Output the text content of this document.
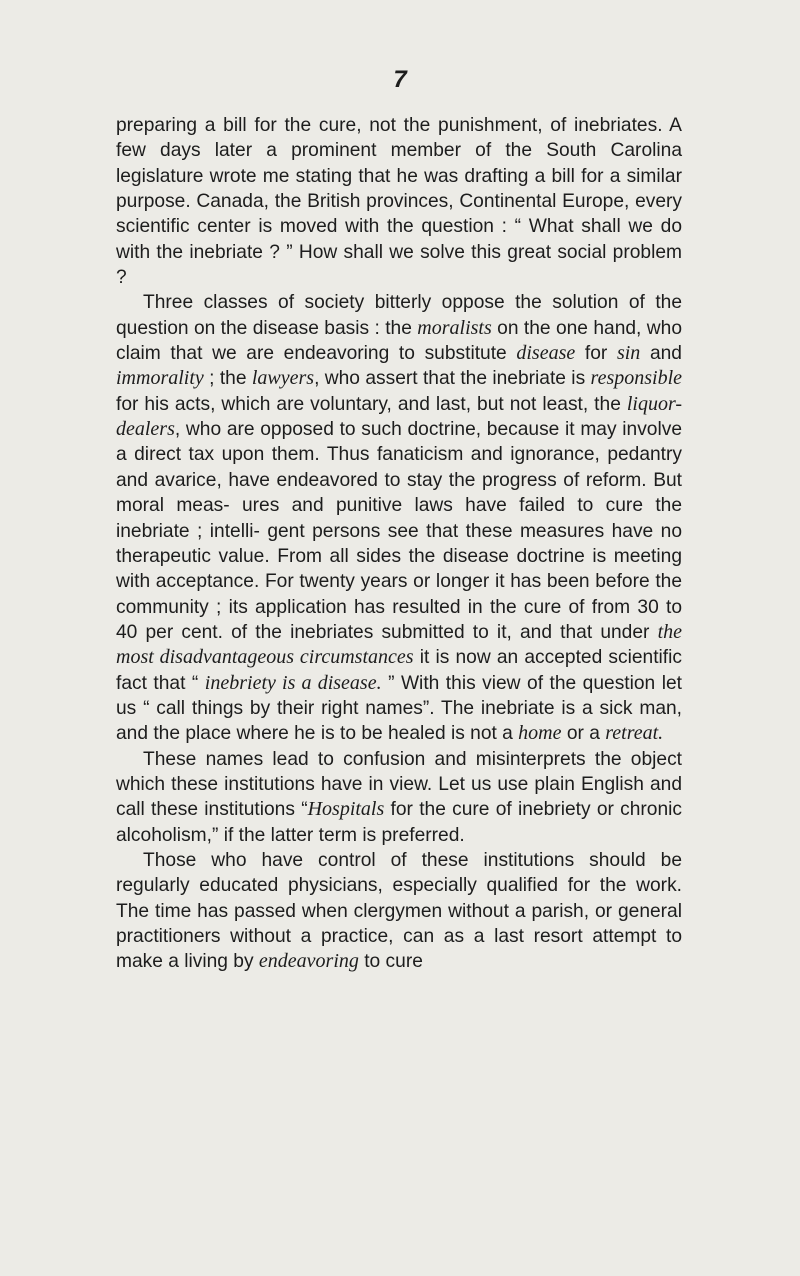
7

preparing a bill for the cure, not the punishment, of inebriates. A few days later a prominent member of the South Carolina legislature wrote me stating that he was drafting a bill for a similar purpose. Canada, the British provinces, Continental Europe, every scientific center is moved with the question : “ What shall we do with the inebriate ? ” How shall we solve this great social problem ?

Three classes of society bitterly oppose the solution of the question on the disease basis : the moralists on the one hand, who claim that we are endeavoring to substitute disease for sin and immorality ; the lawyers, who assert that the inebriate is responsible for his acts, which are voluntary, and last, but not least, the liquor-dealers, who are opposed to such doctrine, because it may involve a direct tax upon them. Thus fanaticism and ignorance, pedantry and avarice, have endeavored to stay the progress of reform. But moral meas- ures and punitive laws have failed to cure the inebriate ; intelli- gent persons see that these measures have no therapeutic value. From all sides the disease doctrine is meeting with acceptance. For twenty years or longer it has been before the community ; its application has resulted in the cure of from 30 to 40 per cent. of the inebriates submitted to it, and that under the most disadvantageous circumstances it is now an accepted scientific fact that “ inebriety is a disease. ” With this view of the question let us “ call things by their right names”. The inebriate is a sick man, and the place where he is to be healed is not a home or a retreat.

These names lead to confusion and misinterprets the object which these institutions have in view. Let us use plain English and call these institutions “Hospitals for the cure of inebriety or chronic alcoholism,” if the latter term is preferred.

Those who have control of these institutions should be regularly educated physicians, especially qualified for the work. The time has passed when clergymen without a parish, or general practitioners without a practice, can as a last resort attempt to make a living by endeavoring to cure
